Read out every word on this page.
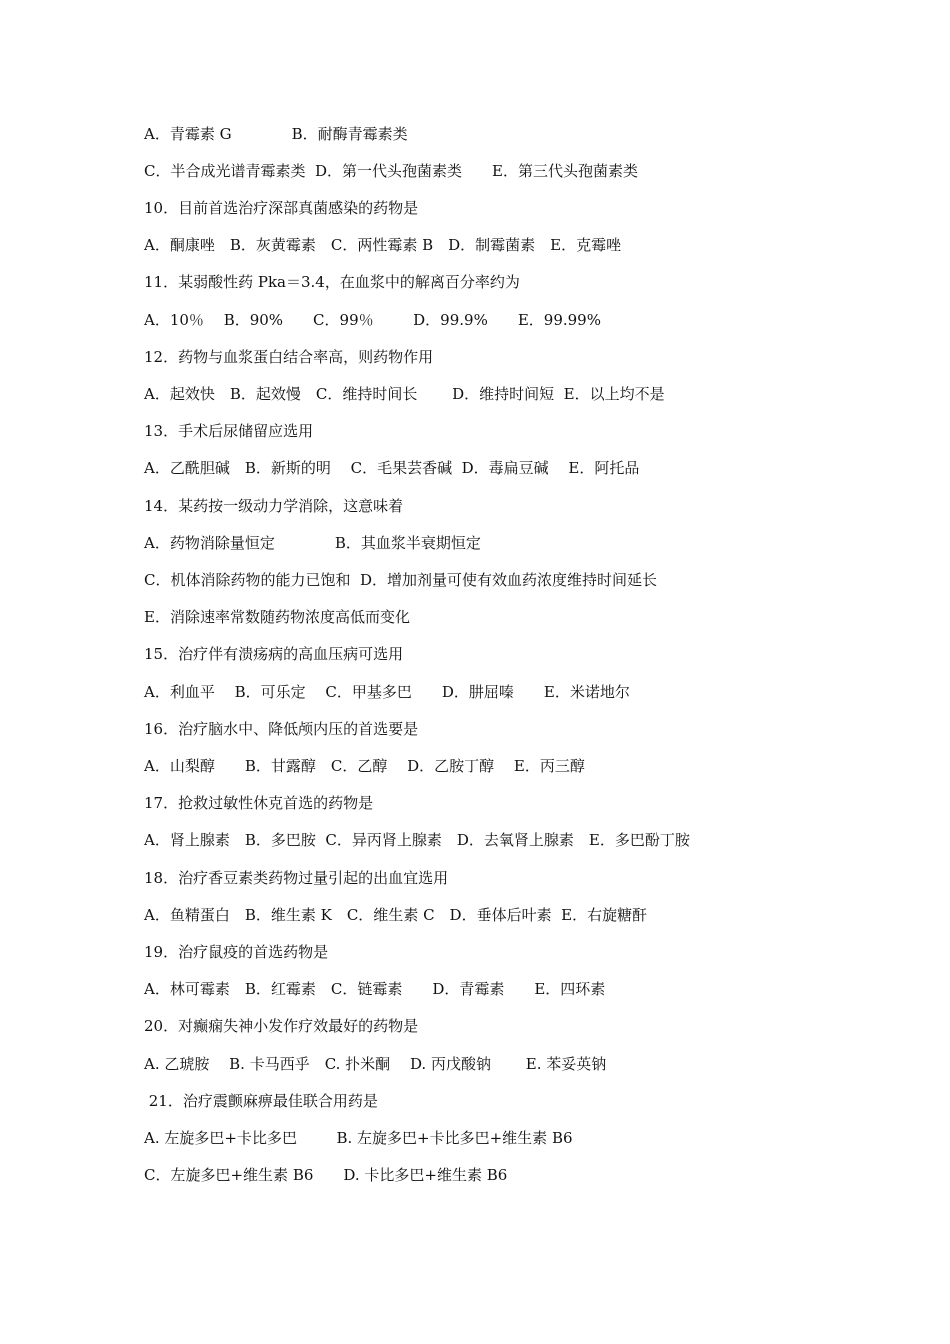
A．青霉素 G　　　　B．耐酶青霉素类
C．半合成光谱青霉素类  D．第一代头孢菌素类　　E．第三代头孢菌素类
10．目前首选治疗深部真菌感染的药物是
A．酮康唑　B．灰黄霉素　C．两性霉素 B　D．制霉菌素　E．克霉唑
11．某弱酸性药 Pka＝3.4，在血浆中的解离百分率约为
A．10％　 B．90%　　C．99％　　  D．99.9%　　E．99.99%
12．药物与血浆蛋白结合率高，则药物作用
A．起效快　B．起效慢　C．维持时间长　　 D．维持时间短  E．以上均不是
13．手术后尿储留应选用
A．乙酰胆碱　B．新斯的明　 C．毛果芸香碱  D．毒扁豆碱　 E．阿托品
14．某药按一级动力学消除，这意味着
A．药物消除量恒定　　　　B．其血浆半衰期恒定
C．机体消除药物的能力已饱和  D．增加剂量可使有效血药浓度维持时间延长
E．消除速率常数随药物浓度高低而变化
15．治疗伴有溃疡病的高血压病可选用
A．利血平　 B．可乐定　 C．甲基多巴　　D．肼屈嗪　　E．米诺地尔
16．治疗脑水中、降低颅内压的首选要是
A．山梨醇　　B．甘露醇　C．乙醇　 D．乙胺丁醇　 E．丙三醇
17．抢救过敏性休克首选的药物是
A．肾上腺素　B．多巴胺  C．异丙肾上腺素　D．去氧肾上腺素　E．多巴酚丁胺
18．治疗香豆素类药物过量引起的出血宜选用
A．鱼精蛋白　B．维生素 K　C．维生素 C　D．垂体后叶素  E．右旋糖酐
19．治疗鼠疫的首选药物是
A．林可霉素　B．红霉素　C．链霉素　　D．青霉素　　E．四环素
20．对癫痫失神小发作疗效最好的药物是
A. 乙琥胺　 B. 卡马西乎　C. 扑米酮　 D. 丙戊酸钠　　 E. 苯妥英钠
21．治疗震颤麻痹最佳联合用药是
A. 左旋多巴+卡比多巴　　  B. 左旋多巴+卡比多巴+维生素 B6
C．左旋多巴+维生素 B6　　D. 卡比多巴+维生素 B6
